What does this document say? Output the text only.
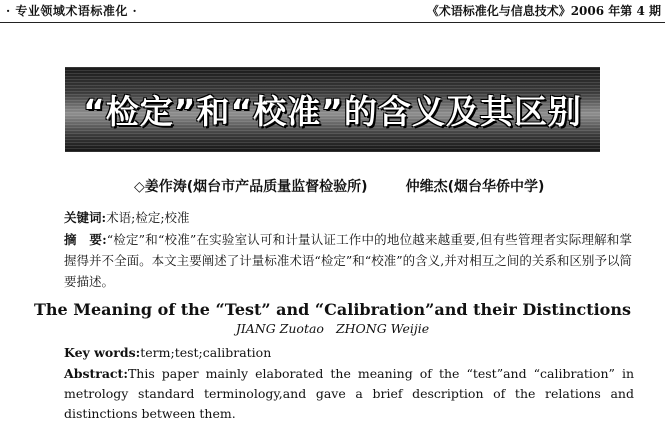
· 专业领域术语标准化 ·	《术语标准化与信息技术》2006 年第 4 期
“检定”和“校准”的含义及其区别
◇姜作涛(烟台市产品质量监督检验所)	仲维杰(烟台华侨中学)
关键词:术语;检定;校准
摘　要:“检定”和“校准”在实验室认可和计量认证工作中的地位越来越重要,但有些管理者实际理解和掌握得并不全面。本文主要阐述了计量标准术语“检定”和“校准”的含义,并对相互之间的关系和区别予以简要描述。
The Meaning of the “Test” and “Calibration”and their Distinctions
JIANG Zuotao ZHONG Weijie
Key words:term;test;calibration
Abstract:This paper mainly elaborated the meaning of the “test”and “calibration” in metrology standard terminology,and gave a brief description of the relations and distinctions between them.
